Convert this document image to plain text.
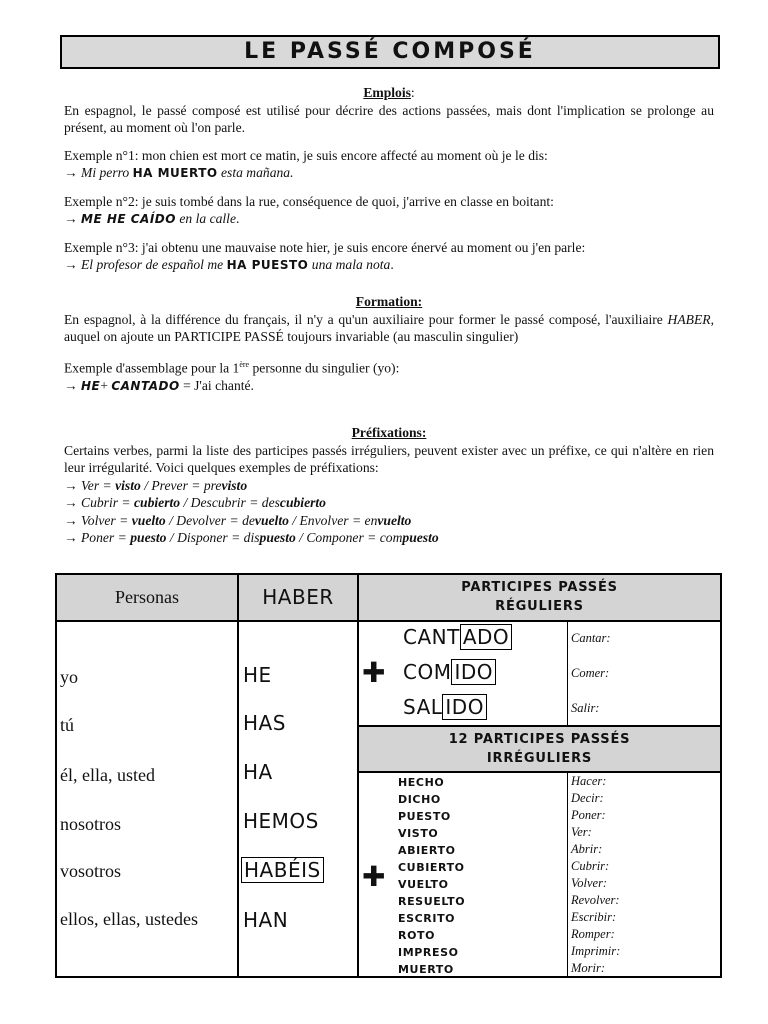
LE PASSÉ COMPOSÉ
Emplois:

En espagnol, le passé composé est utilisé pour décrire des actions passées, mais dont l'implication se prolonge au présent, au moment où l'on parle.

Exemple n°1: mon chien est mort ce matin, je suis encore affecté au moment où je le dis:

→ Mi perro HA MUERTO esta mañana.

Exemple n°2: je suis tombé dans la rue, conséquence de quoi, j'arrive en classe en boitant:

→ ME HE CAÍDO en la calle.

Exemple n°3: j'ai obtenu une mauvaise note hier, je suis encore énervé au moment ou j'en parle:

→ El profesor de español me HA PUESTO una mala nota.

Formation:

En espagnol, à la différence du français, il n'y a qu'un auxiliaire pour former le passé composé, l'auxiliaire HABER, auquel on ajoute un PARTICIPE PASSÉ toujours invariable (au masculin singulier)

Exemple d'assemblage pour la 1ère personne du singulier (yo):

→ HE+ CANTADO = J'ai chanté.

Préfixations:

Certains verbes, parmi la liste des participes passés irréguliers, peuvent exister avec un préfixe, ce qui n'altère en rien leur irrégularité. Voici quelques exemples de préfixations:

→ Ver = visto / Prever = previsto

→ Cubrir = cubierto / Descubrir = descubierto

→ Volver = vuelto / Devolver = devuelto / Envolver = envuelto

→ Poner = puesto / Disponer = dispuesto / Componer = compuesto

Personas	HABER	PARTICIPES PASSÉS RÉGULIERS
12 PARTICIPES PASSÉS IRRÉGULIERS
yo
tú
él, ella, usted
nosotros
vosotros
ellos, ellas, ustedes
HE
HAS
HA
HEMOS
HABÉIS
HAN
✚
✚
CANT ADO
COM IDO
SAL IDO
Cantar:
Comer:
Salir:
HECHO
DICHO
PUESTO
VISTO
ABIERTO
CUBIERTO
VUELTO
RESUELTO
ESCRITO
ROTO
IMPRESO
MUERTO
Hacer:
Decir:
Poner:
Ver:
Abrir:
Cubrir:
Volver:
Revolver:
Escribir:
Romper:
Imprimir:
Morir:
